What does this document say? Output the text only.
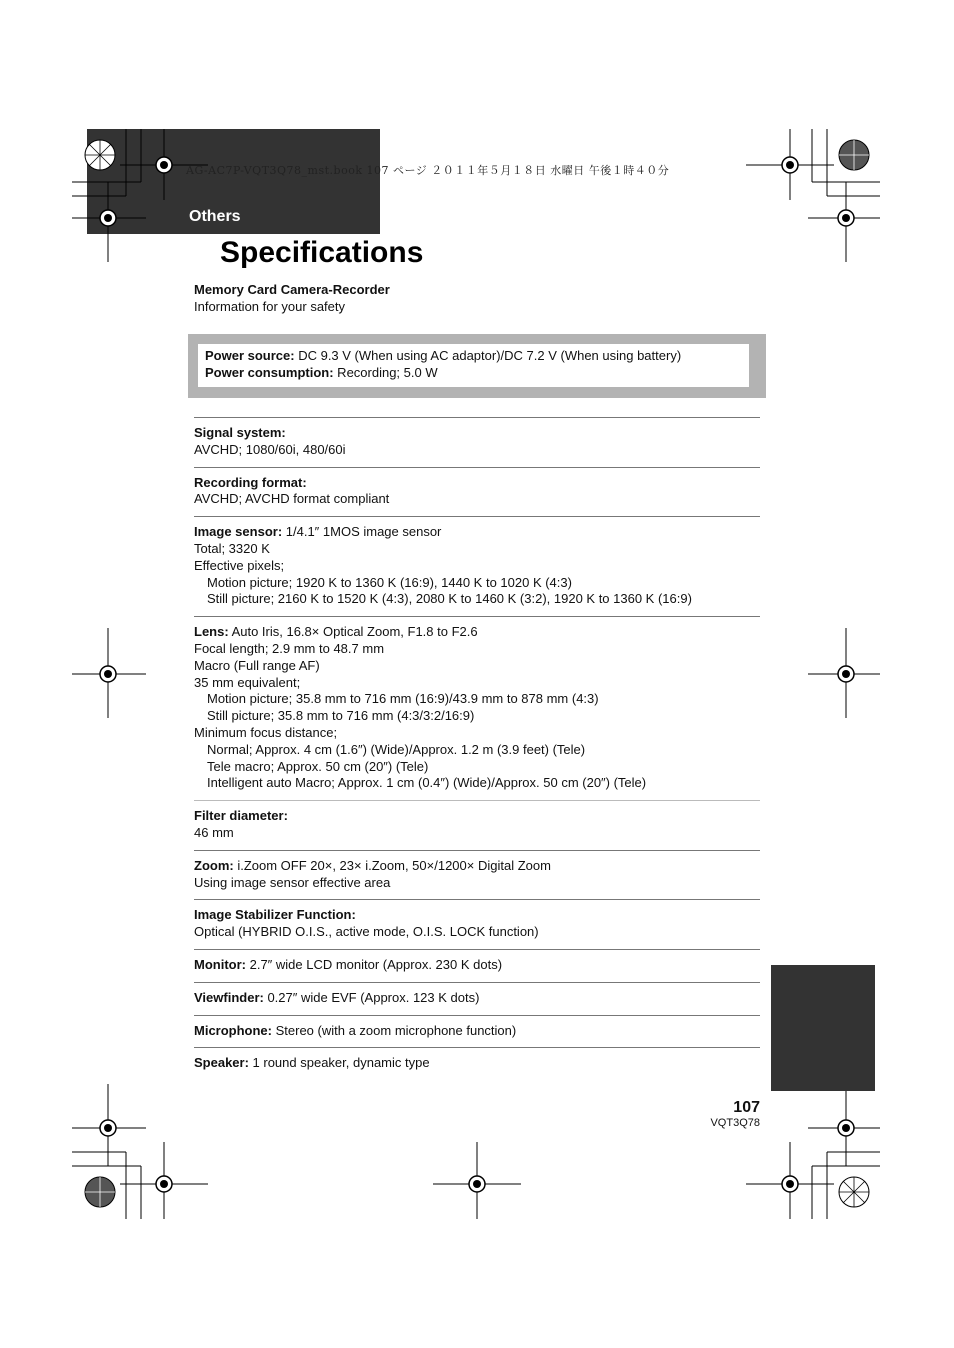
Others
AG-AC7P-VQT3Q78_mst.book 107 ページ ２０１１年５月１８日 水曜日 午後１時４０分
Specifications
Memory Card Camera-Recorder
Information for your safety
Power source: DC 9.3 V (When using AC adaptor)/DC 7.2 V (When using battery)
Power consumption: Recording; 5.0 W
Signal system:
AVCHD; 1080/60i, 480/60i
Recording format:
AVCHD; AVCHD format compliant
Image sensor: 1/4.1″ 1MOS image sensor
Total; 3320 K
Effective pixels;
Motion picture; 1920 K to 1360 K (16:9), 1440 K to 1020 K (4:3)
Still picture; 2160 K to 1520 K (4:3), 2080 K to 1460 K (3:2), 1920 K to 1360 K (16:9)
Lens: Auto Iris, 16.8× Optical Zoom, F1.8 to F2.6
Focal length; 2.9 mm to 48.7 mm
Macro (Full range AF)
35 mm equivalent;
Motion picture; 35.8 mm to 716 mm (16:9)/43.9 mm to 878 mm (4:3)
Still picture; 35.8 mm to 716 mm (4:3/3:2/16:9)
Minimum focus distance;
Normal; Approx. 4 cm (1.6″) (Wide)/Approx. 1.2 m (3.9 feet) (Tele)
Tele macro; Approx. 50 cm (20″) (Tele)
Intelligent auto Macro; Approx. 1 cm (0.4″) (Wide)/Approx. 50 cm (20″) (Tele)
Filter diameter:
46 mm
Zoom: i.Zoom OFF 20×, 23× i.Zoom, 50×/1200× Digital Zoom
Using image sensor effective area
Image Stabilizer Function:
Optical (HYBRID O.I.S., active mode, O.I.S. LOCK function)
Monitor: 2.7″ wide LCD monitor (Approx. 230 K dots)
Viewfinder: 0.27″ wide EVF (Approx. 123 K dots)
Microphone: Stereo (with a zoom microphone function)
Speaker: 1 round speaker, dynamic type
107
VQT3Q78
